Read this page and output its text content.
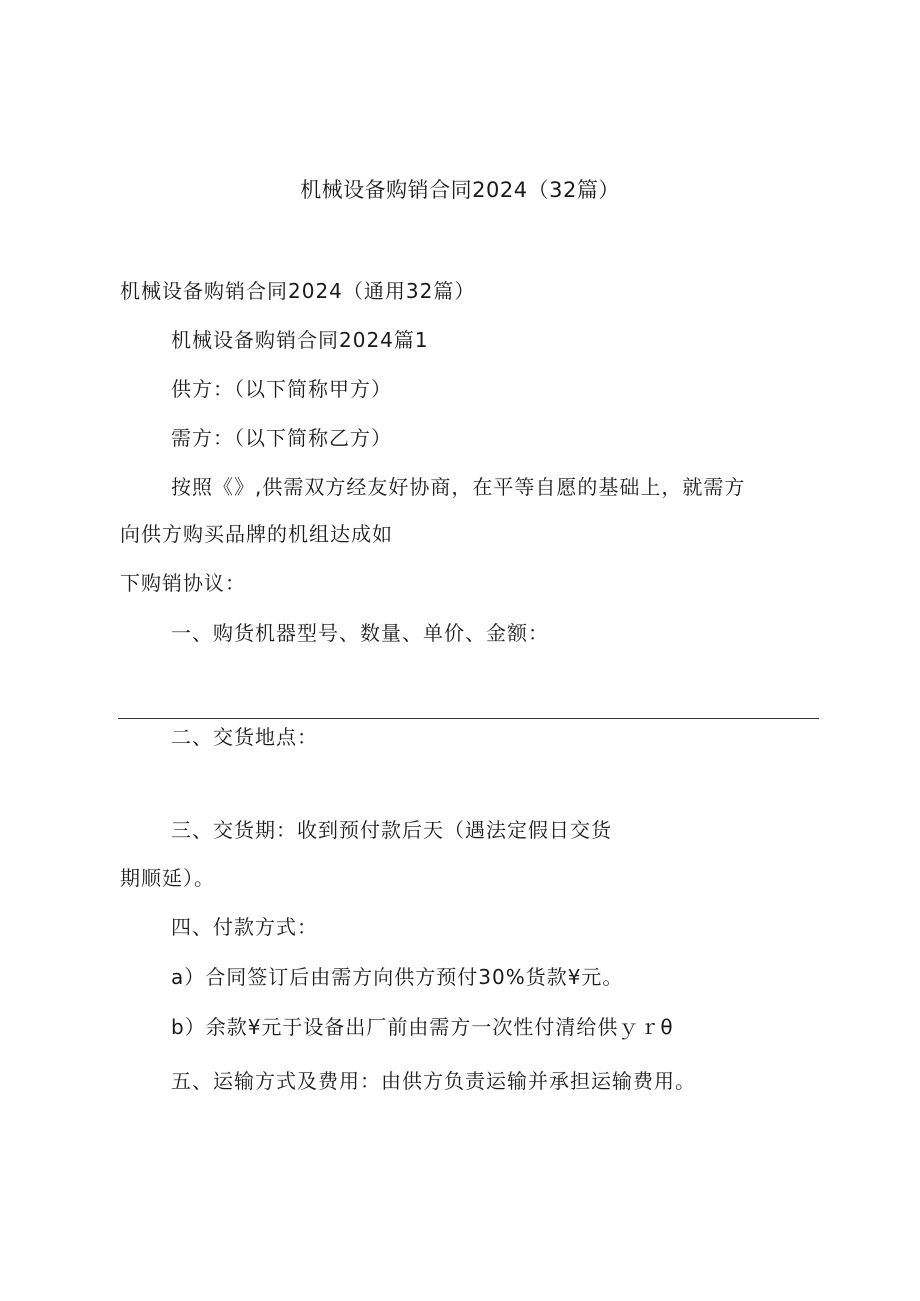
机械设备购销合同2024（32篇）
机械设备购销合同2024（通用32篇）
机械设备购销合同2024篇1
供方：（以下简称甲方）
需方：（以下简称乙方）
按照《》,供需双方经友好协商，在平等自愿的基础上，就需方
向供方购买品牌的机组达成如
下购销协议：
一、购货机器型号、数量、单价、金额：
二、交货地点：
三、交货期：收到预付款后天（遇法定假日交货
期顺延）。
四、付款方式：
a）合同签订后由需方向供方预付30%货款¥元。
b）余款¥元于设备出厂前由需方一次性付清给供ｙｒθ
五、运输方式及费用：由供方负责运输并承担运输费用。
